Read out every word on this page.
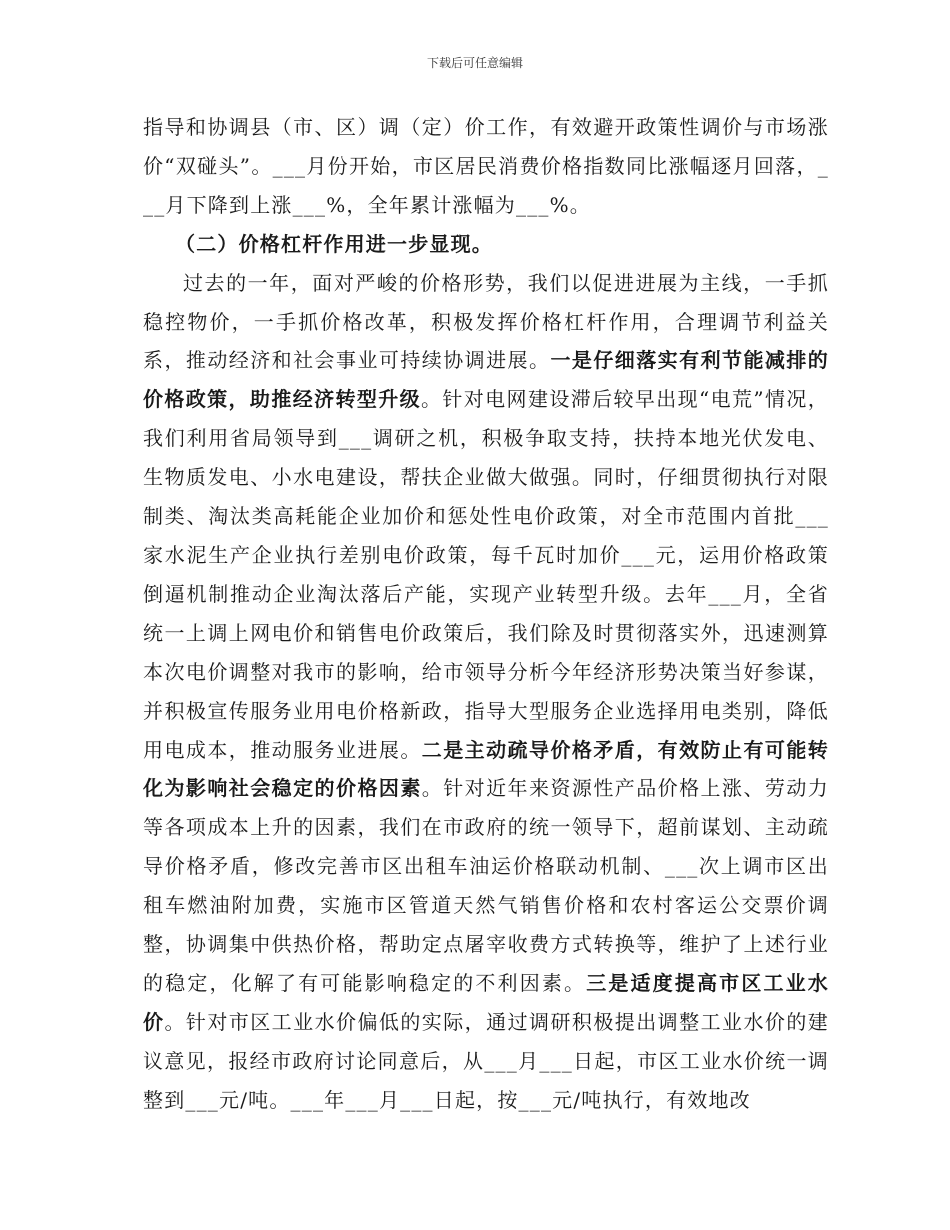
下载后可任意编辑

指导和协调县（市、区）调（定）价工作，有效避开政策性调价与市场涨价“双碰头”。___月份开始，市区居民消费价格指数同比涨幅逐月回落，___月下降到上涨___%，全年累计涨幅为___%。

（二）价格杠杆作用进一步显现。

过去的一年，面对严峻的价格形势，我们以促进进展为主线，一手抓稳控物价，一手抓价格改革，积极发挥价格杠杆作用，合理调节利益关系，推动经济和社会事业可持续协调进展。一是仔细落实有利节能减排的价格政策，助推经济转型升级。针对电网建设滞后较早出现“电荒”情况，我们利用省局领导到___调研之机，积极争取支持，扶持本地光伏发电、生物质发电、小水电建设，帮扶企业做大做强。同时，仔细贯彻执行对限制类、淘汰类高耗能企业加价和惩处性电价政策，对全市范围内首批___家水泥生产企业执行差别电价政策，每千瓦时加价___元，运用价格政策倒逼机制推动企业淘汰落后产能，实现产业转型升级。去年___月，全省统一上调上网电价和销售电价政策后，我们除及时贯彻落实外，迅速测算本次电价调整对我市的影响，给市领导分析今年经济形势决策当好参谋，并积极宣传服务业用电价格新政，指导大型服务企业选择用电类别，降低用电成本，推动服务业进展。二是主动疏导价格矛盾，有效防止有可能转化为影响社会稳定的价格因素。针对近年来资源性产品价格上涨、劳动力等各项成本上升的因素，我们在市政府的统一领导下，超前谋划、主动疏导价格矛盾，修改完善市区出租车油运价格联动机制、___次上调市区出租车燃油附加费，实施市区管道天然气销售价格和农村客运公交票价调整，协调集中供热价格，帮助定点屠宰收费方式转换等，维护了上述行业的稳定，化解了有可能影响稳定的不利因素。三是适度提高市区工业水价。针对市区工业水价偏低的实际，通过调研积极提出调整工业水价的建议意见，报经市政府讨论同意后，从___月___日起，市区工业水价统一调整到___元/吨。___年___月___日起，按___元/吨执行，有效地改
